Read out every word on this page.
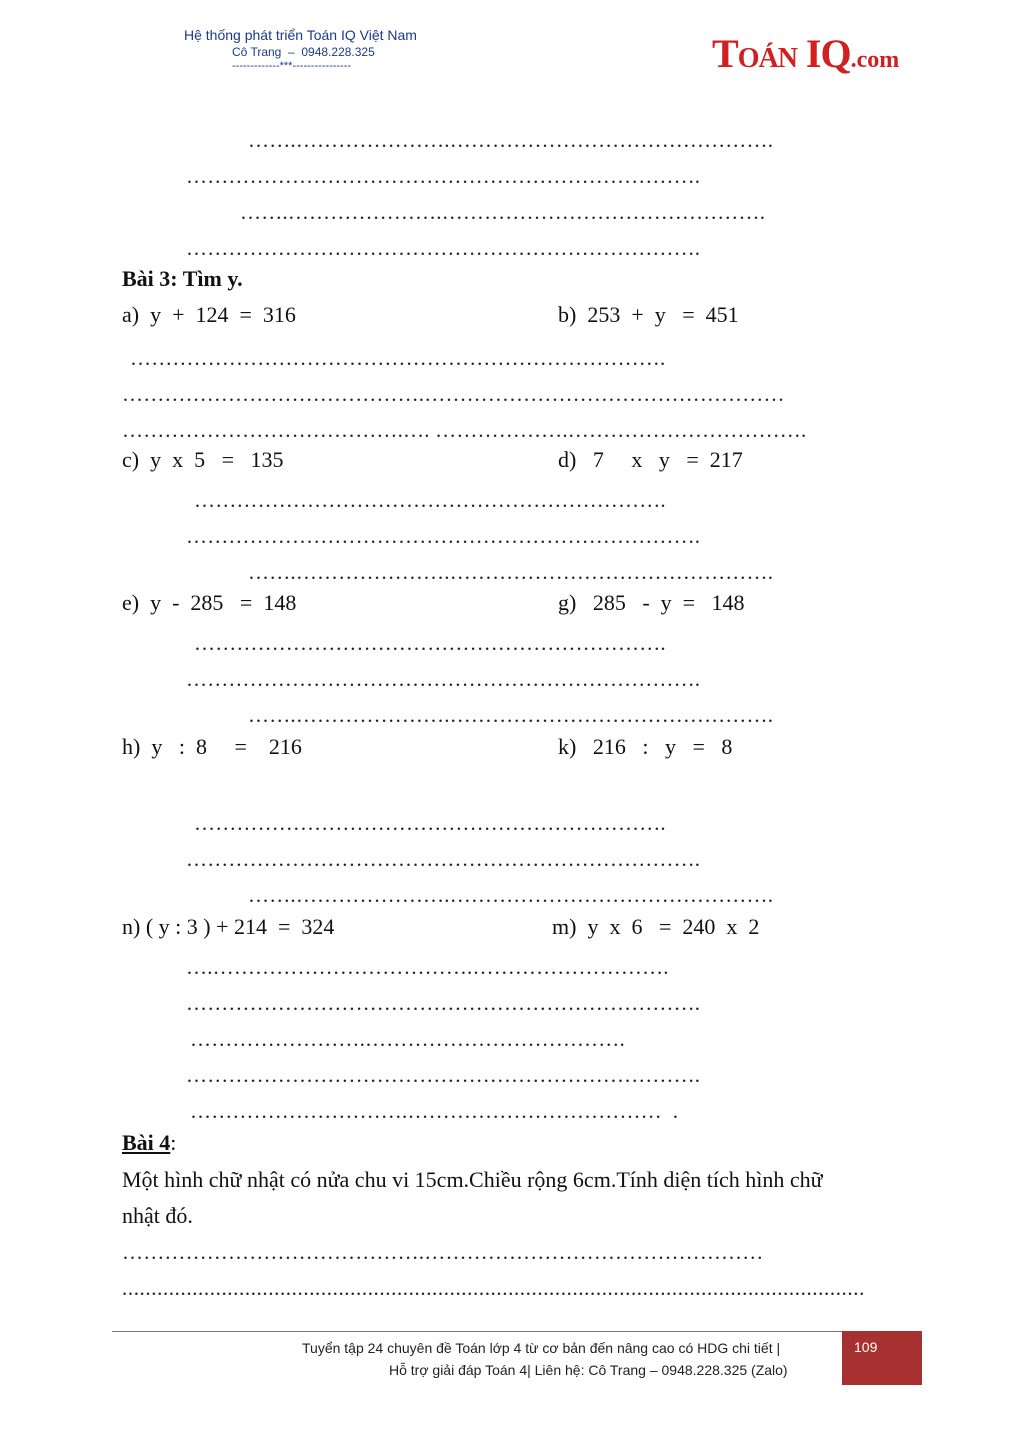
Hệ thống phát triển Toán IQ Việt Nam
Cô Trang  –  0948.228.325
-------------***----------------	TOÁN IQ.com
…….………………….……………………………………….
……………………………………………………………….
…….………………….……………………………………….
……………………………………………………………….
Bài 3: Tìm y.
a)  y  +  124  =  316	b)  253  +  y   =  451
………………………………………………………………….
…………………………………….……………………………………………
………………………………….…. ……………….…………………………….
c)  y  x  5   =   135	d)   7     x   y   =  217
………………………………………………………….
……………………………………………………………….
…….………………….……………………………………….
e)  y  -  285   =  148	g)   285   -  y  =   148
………………………………………………………….
……………………………………………………………….
…….………………….……………………………………….
h)  y   :  8     =    216	k)   216   :   y   =   8
………………………………………………………….
……………………………………………………………….
…….………………….……………………………………….
n) ( y : 3 ) + 214  =  324	m)  y  x  6   =  240  x  2
….……………………………….……………………….
……………………………………………………………….
…………………….……………………………….
……………………………………………………………….
………………………….………………………………  .
Bài 4:
Một hình chữ nhật có nửa chu vi 15cm.Chiều rộng 6cm.Tính diện tích hình chữ
nhật đó.
…………………………………….…………………………………………
...............................................................................................................................
Tuyển tập 24 chuyên đề Toán lớp 4 từ cơ bản đến nâng cao có HDG chi tiết |
Hỗ trợ giải đáp Toán 4| Liên hệ: Cô Trang – 0948.228.325 (Zalo)
109
